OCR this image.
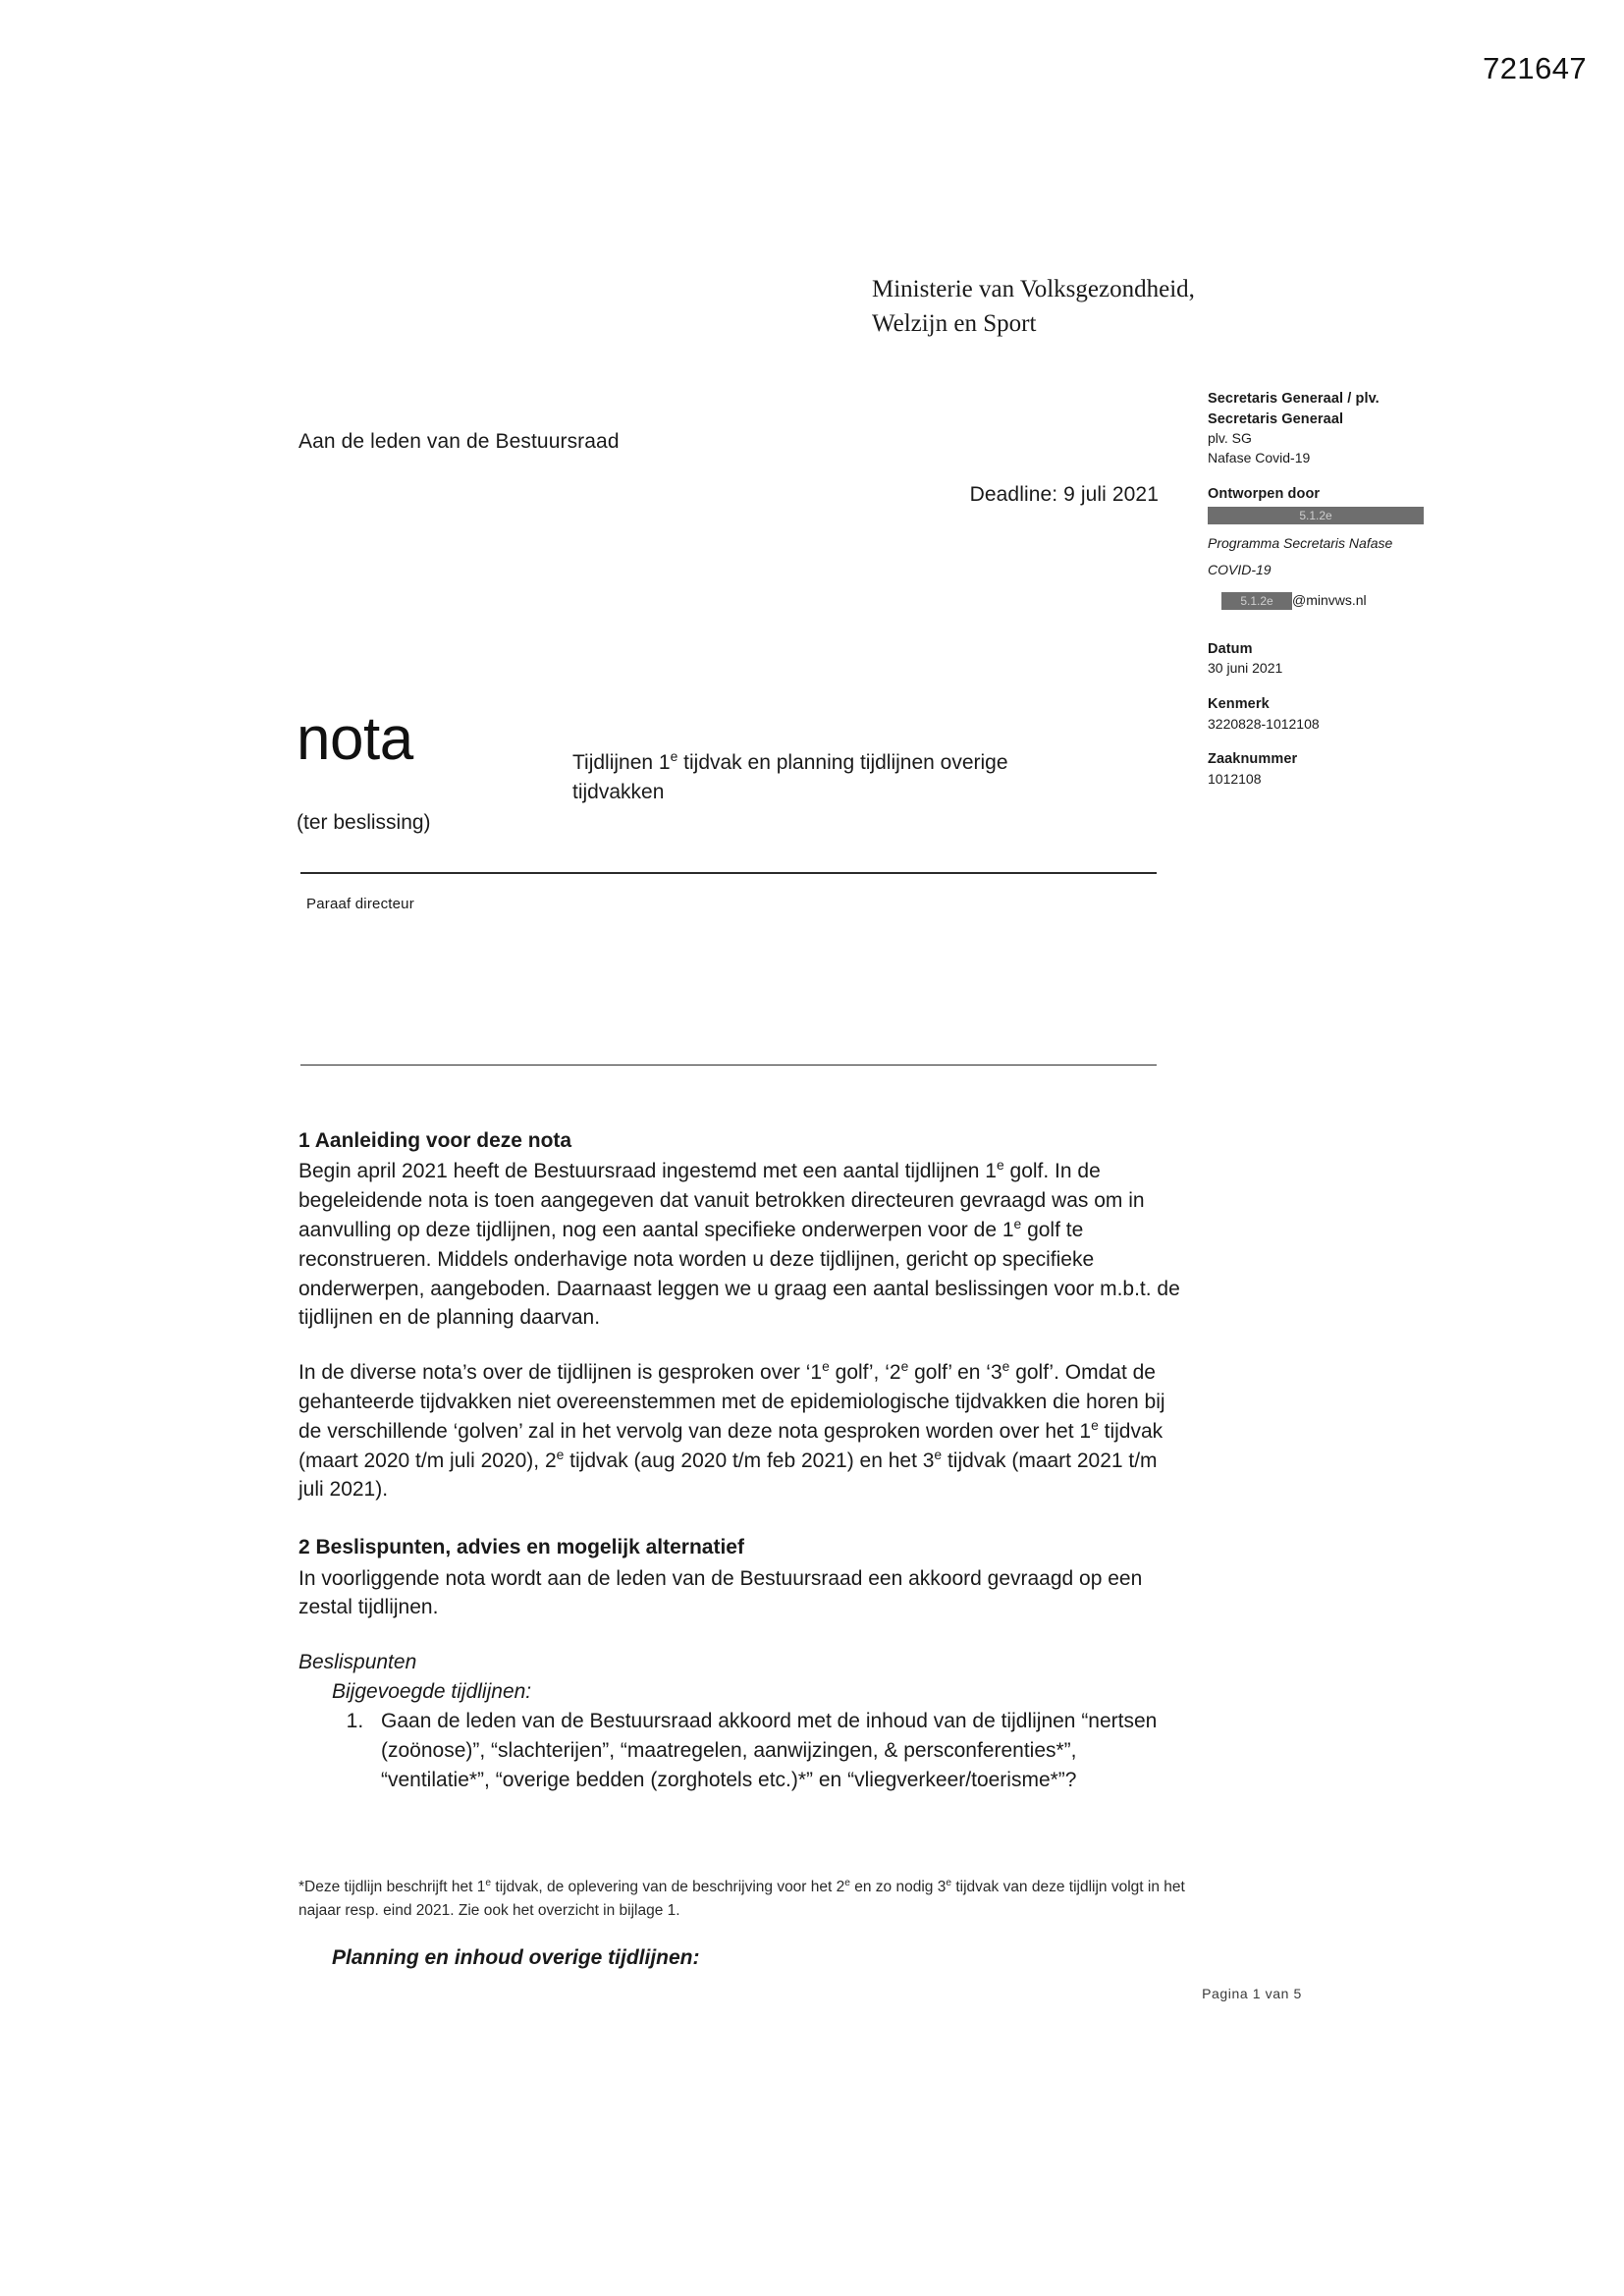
721647
Ministerie van Volksgezondheid,
Welzijn en Sport
Aan de leden van de Bestuursraad
Deadline: 9 juli 2021
Secretaris Generaal / plv.
Secretaris Generaal
plv. SG
Nafase Covid-19
Ontworpen door
5.1.2e
Programma Secretaris Nafase
COVID-19
5.1.2e @minvws.nl
Datum
30 juni 2021
Kenmerk
3220828-1012108
Zaaknummer
1012108
nota
(ter beslissing)
Tijdlijnen 1e tijdvak en planning tijdlijnen overige tijdvakken
Paraaf directeur
1 Aanleiding voor deze nota

Begin april 2021 heeft de Bestuursraad ingestemd met een aantal tijdlijnen 1e golf. In de begeleidende nota is toen aangegeven dat vanuit betrokken directeuren gevraagd was om in aanvulling op deze tijdlijnen, nog een aantal specifieke onderwerpen voor de 1e golf te reconstrueren. Middels onderhavige nota worden u deze tijdlijnen, gericht op specifieke onderwerpen, aangeboden. Daarnaast leggen we u graag een aantal beslissingen voor m.b.t. de tijdlijnen en de planning daarvan.

In de diverse nota’s over de tijdlijnen is gesproken over ‘1e golf’, ‘2e golf’ en ‘3e golf’. Omdat de gehanteerde tijdvakken niet overeenstemmen met de epidemiologische tijdvakken die horen bij de verschillende ‘golven’ zal in het vervolg van deze nota gesproken worden over het 1e tijdvak (maart 2020 t/m juli 2020), 2e tijdvak (aug 2020 t/m feb 2021) en het 3e tijdvak (maart 2021 t/m juli 2021).

2 Beslispunten, advies en mogelijk alternatief

In voorliggende nota wordt aan de leden van de Bestuursraad een akkoord gevraagd op een zestal tijdlijnen.

Beslispunten

Bijgevoegde tijdlijnen:

1. Gaan de leden van de Bestuursraad akkoord met de inhoud van de tijdlijnen “nertsen (zoönose)”, “slachterijen”, “maatregelen, aanwijzingen, & persconferenties*”, “ventilatie*”, “overige bedden (zorghotels etc.)*” en “vliegverkeer/toerisme*”?
*Deze tijdlijn beschrijft het 1e tijdvak, de oplevering van de beschrijving voor het 2e en zo nodig 3e tijdvak van deze tijdlijn volgt in het najaar resp. eind 2021. Zie ook het overzicht in bijlage 1.
Planning en inhoud overige tijdlijnen:
Pagina 1 van 5
